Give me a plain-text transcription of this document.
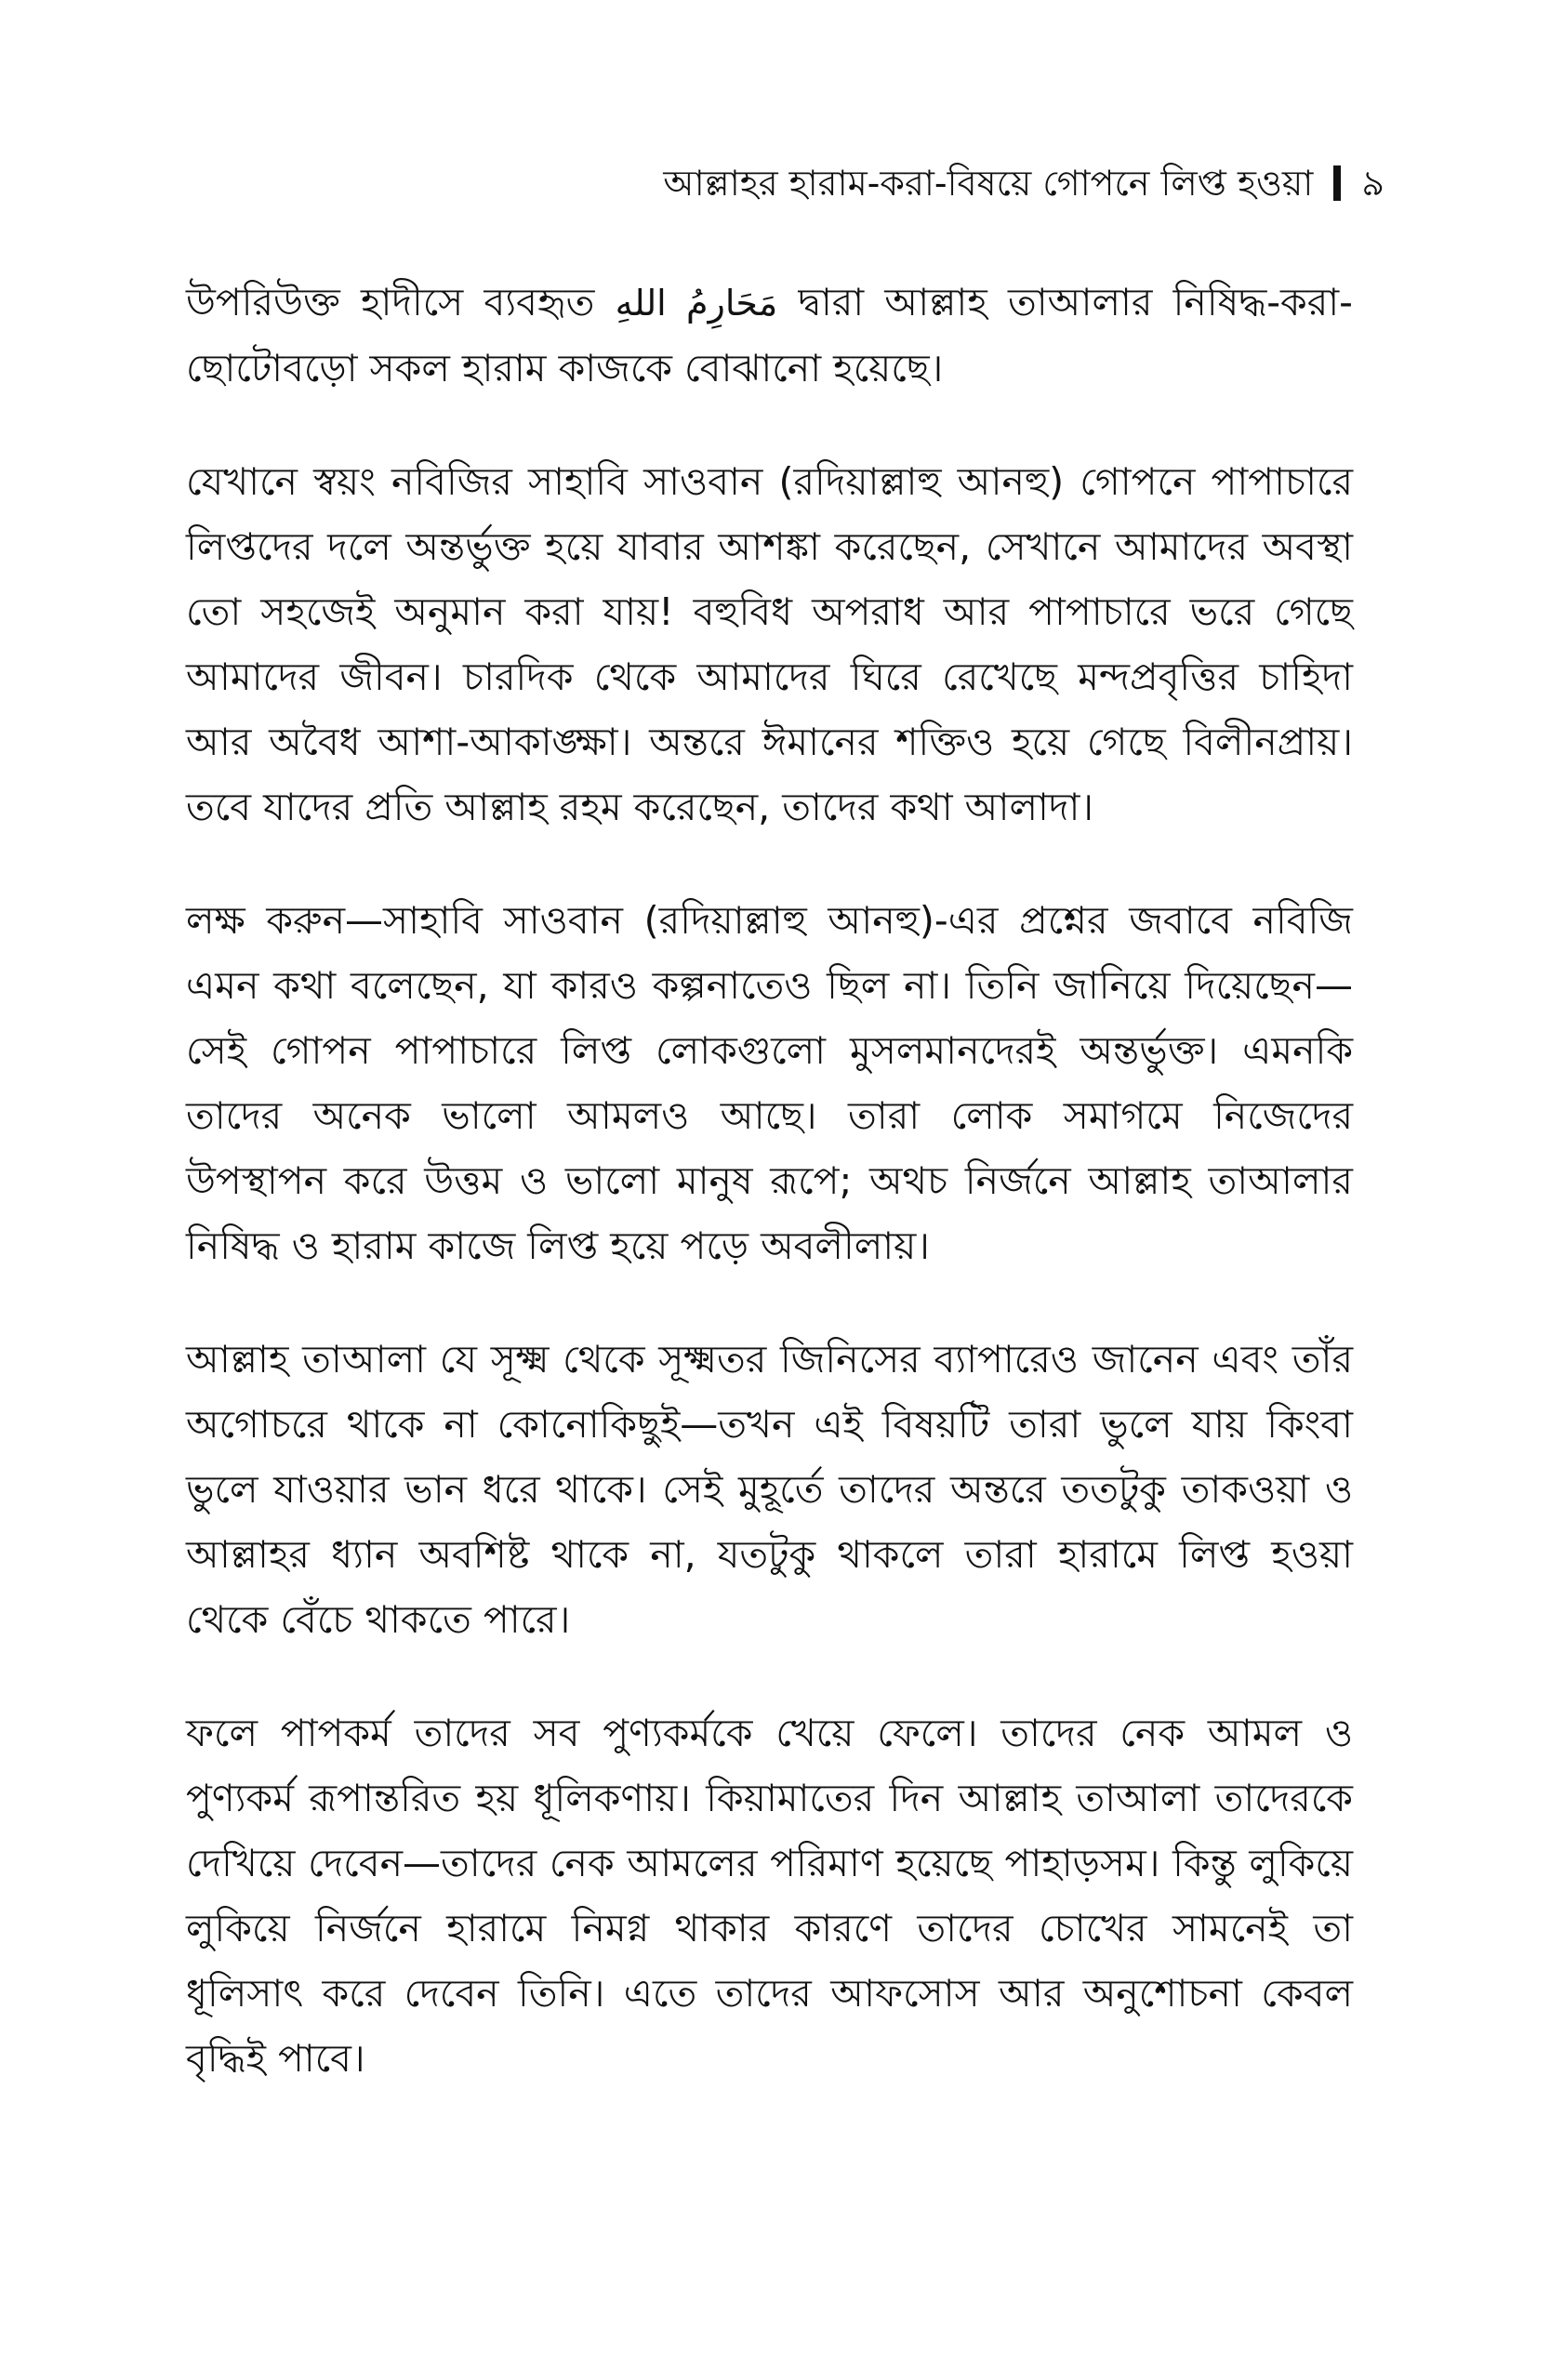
আল্লাহর হারাম-করা-বিষয়ে গোপনে লিপ্ত হওয়া ৯

উপরিউক্ত হাদীসে ব্যবহৃত مَحَارِمُ اللهِ দ্বারা আল্লাহ তাআলার নিষিদ্ধ-করা-ছোটোবড়ো সকল হারাম কাজকে বোঝানো হয়েছে।

যেখানে স্বয়ং নবিজির সাহাবি সাওবান (রদিয়াল্লাহু আনহু) গোপনে পাপাচারে লিপ্তদের দলে অন্তর্ভুক্ত হয়ে যাবার আশঙ্কা করেছেন, সেখানে আমাদের অবস্থা তো সহজেই অনুমান করা যায়! বহুবিধ অপরাধ আর পাপাচারে ভরে গেছে আমাদের জীবন। চারদিক থেকে আমাদের ঘিরে রেখেছে মন্দপ্রবৃত্তির চাহিদা আর অবৈধ আশা-আকাঙ্ক্ষা। অন্তরে ঈমানের শক্তিও হয়ে গেছে বিলীনপ্রায়। তবে যাদের প্রতি আল্লাহ রহম করেছেন, তাদের কথা আলাদা।

লক্ষ করুন—সাহাবি সাওবান (রদিয়াল্লাহু আনহু)-এর প্রশ্নের জবাবে নবিজি এমন কথা বলেছেন, যা কারও কল্পনাতেও ছিল না। তিনি জানিয়ে দিয়েছেন—সেই গোপন পাপাচারে লিপ্ত লোকগুলো মুসলমানদেরই অন্তর্ভুক্ত। এমনকি তাদের অনেক ভালো আমলও আছে। তারা লোক সমাগমে নিজেদের উপস্থাপন করে উত্তম ও ভালো মানুষ রূপে; অথচ নির্জনে আল্লাহ তাআলার নিষিদ্ধ ও হারাম কাজে লিপ্ত হয়ে পড়ে অবলীলায়।

আল্লাহ তাআলা যে সূক্ষ্ম থেকে সূক্ষ্মতর জিনিসের ব্যাপারেও জানেন এবং তাঁর অগোচরে থাকে না কোনোকিছুই—তখন এই বিষয়টি তারা ভুলে যায় কিংবা ভুলে যাওয়ার ভান ধরে থাকে। সেই মুহূর্তে তাদের অন্তরে ততটুকু তাকওয়া ও আল্লাহর ধ্যান অবশিষ্ট থাকে না, যতটুকু থাকলে তারা হারামে লিপ্ত হওয়া থেকে বেঁচে থাকতে পারে।

ফলে পাপকর্ম তাদের সব পুণ্যকর্মকে খেয়ে ফেলে। তাদের নেক আমল ও পুণ্যকর্ম রূপান্তরিত হয় ধূলিকণায়। কিয়ামাতের দিন আল্লাহ তাআলা তাদেরকে দেখিয়ে দেবেন—তাদের নেক আমলের পরিমাণ হয়েছে পাহাড়সম। কিন্তু লুকিয়ে লুকিয়ে নির্জনে হারামে নিমগ্ন থাকার কারণে তাদের চোখের সামনেই তা ধূলিসাৎ করে দেবেন তিনি। এতে তাদের আফসোস আর অনুশোচনা কেবল বৃদ্ধিই পাবে।
